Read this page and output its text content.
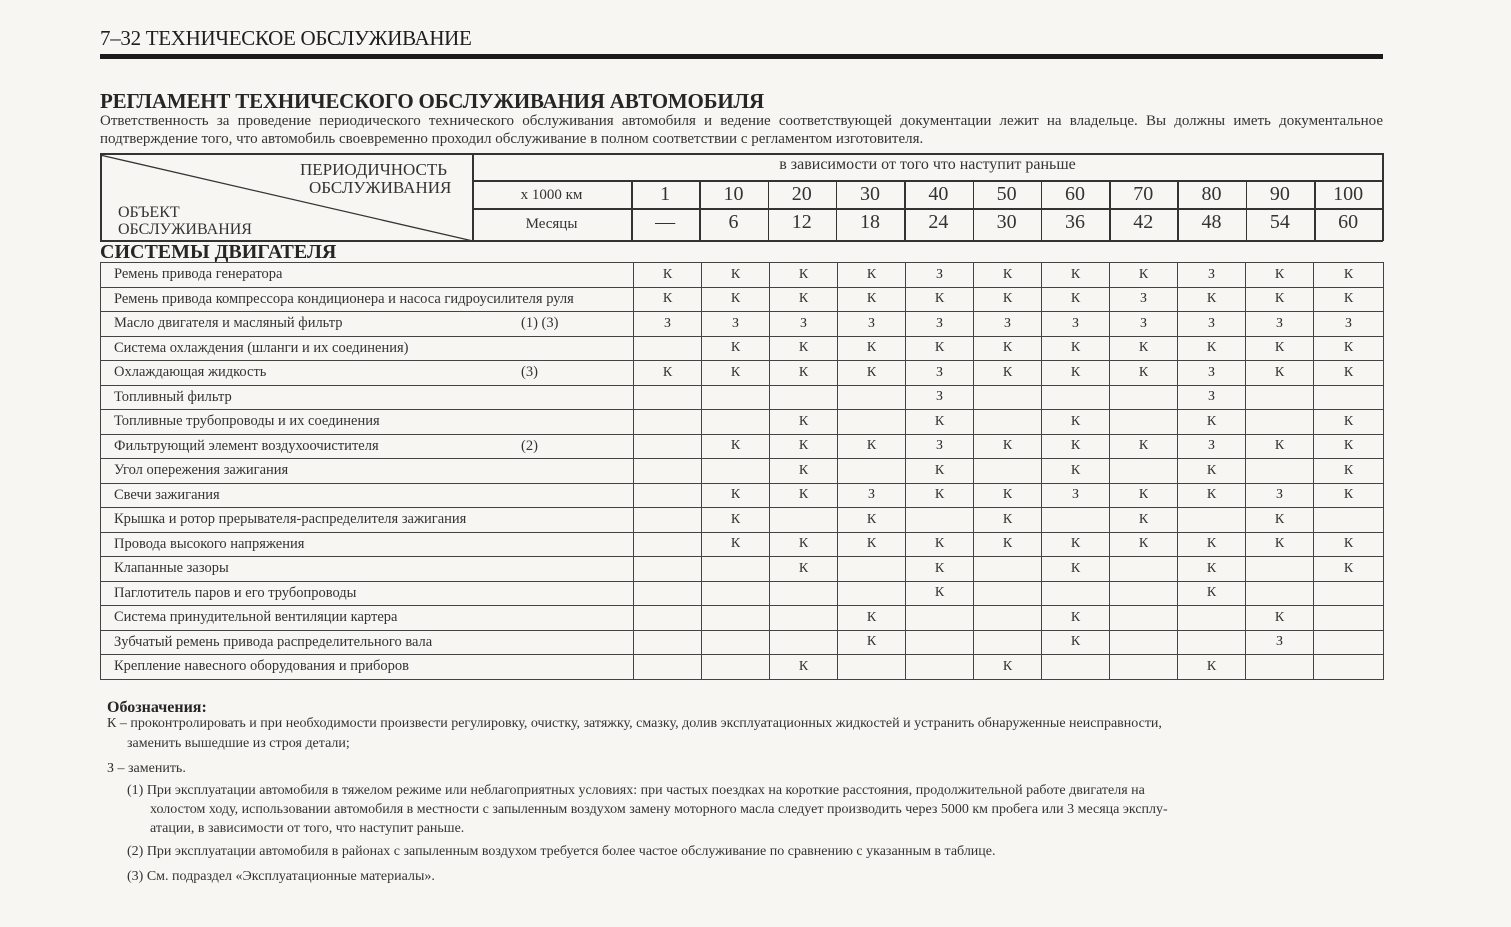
7–32 ТЕХНИЧЕСКОЕ ОБСЛУЖИВАНИЕ
РЕГЛАМЕНТ ТЕХНИЧЕСКОГО ОБСЛУЖИВАНИЯ АВТОМОБИЛЯ
Ответственность за проведение периодического технического обслуживания автомобиля и ведение соответствующей документации лежит на владельце. Вы должны иметь документальное подтверждение того, что автомобиль своевременно проходил обслуживание в полном соответствии с регламентом изготовителя.
ПЕРИОДИЧНОСТЬ
ОБСЛУЖИВАНИЯ
ОБЪЕКТ
ОБСЛУЖИВАНИЯ
в зависимости от того что наступит раньше
x 1000 км
Месяцы
1	10	20	30	40	50	60	70	80	90	100
—	6	12	18	24	30	36	42	48	54	60
СИСТЕМЫ ДВИГАТЕЛЯ
Ремень привода генератора	К	К	К	К	З	К	К	К	З	К	К
Ремень привода компрессора кондиционера и насоса гидроусилителя руля	К	К	К	К	К	К	К	З	К	К	К
Масло двигателя и масляный фильтр (1) (3)	З	З	З	З	З	З	З	З	З	З	З
Система охлаждения (шланги и их соединения)		К	К	К	К	К	К	К	К	К	К
Охлаждающая жидкость (3)	К	К	К	К	З	К	К	К	З	К	К
Топливный фильтр					З				З		
Топливные трубопроводы и их соединения			К		К		К		К		К
Фильтрующий элемент воздухоочистителя (2)		К	К	К	З	К	К	К	З	К	К
Угол опережения зажигания			К		К		К		К		К
Свечи зажигания		К	К	З	К	К	З	К	К	З	К
Крышка и ротор прерывателя-распределителя зажигания		К		К		К		К		К	
Провода высокого напряжения		К	К	К	К	К	К	К	К	К	К
Клапанные зазоры			К		К		К		К		К
Паглотитель паров и его трубопроводы					К				К		
Система принудительной вентиляции картера				К			К			К	
Зубчатый ремень привода распределительного вала				К			К			З	
Крепление навесного оборудования и приборов			К			К			К		
Обозначения:
К – проконтролировать и при необходимости произвести регулировку, очистку, затяжку, смазку, долив эксплуатационных жидкостей и устранить обнаруженные неисправности,
заменить вышедшие из строя детали;
З – заменить.
(1) При эксплуатации автомобиля в тяжелом режиме или неблагоприятных условиях: при частых поездках на короткие расстояния, продолжительной работе двигателя на
холостом ходу, использовании автомобиля в местности с запыленным воздухом замену моторного масла следует производить через 5000 км пробега или 3 месяца эксплу-
атации, в зависимости от того, что наступит раньше.
(2) При эксплуатации автомобиля в районах с запыленным воздухом требуется более частое обслуживание по сравнению с указанным в таблице.
(3) См. подраздел «Эксплуатационные материалы».
